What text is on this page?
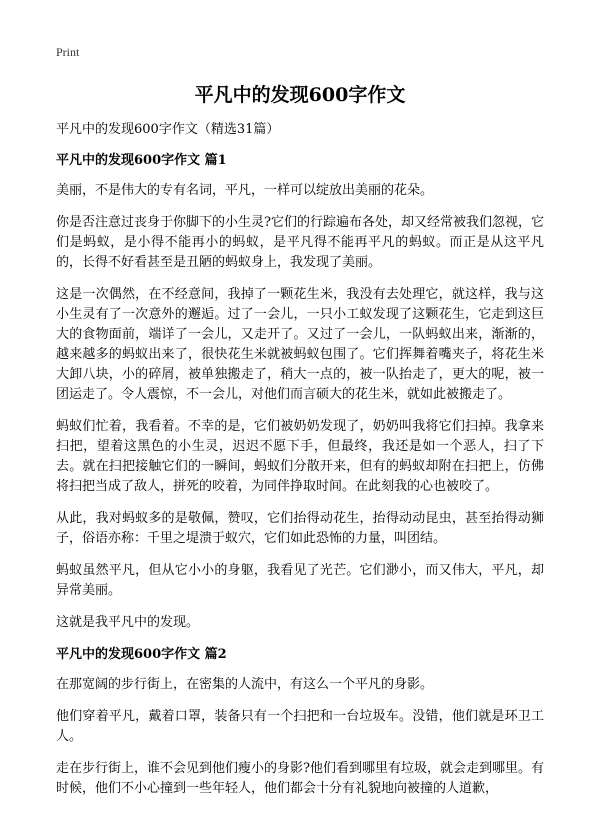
Print
平凡中的发现600字作文

平凡中的发现600字作文（精选31篇）

平凡中的发现600字作文 篇1

美丽，不是伟大的专有名词，平凡，一样可以绽放出美丽的花朵。

你是否注意过丧身于你脚下的小生灵?它们的行踪遍布各处，却又经常被我们忽视，它们是蚂蚁，是小得不能再小的蚂蚁，是平凡得不能再平凡的蚂蚁。而正是从这平凡的，长得不好看甚至是丑陋的蚂蚁身上，我发现了美丽。

这是一次偶然，在不经意间，我掉了一颗花生米，我没有去处理它，就这样，我与这小生灵有了一次意外的邂逅。过了一会儿，一只小工蚁发现了这颗花生，它走到这巨大的食物面前，端详了一会儿，又走开了。又过了一会儿，一队蚂蚁出来，渐渐的，越来越多的蚂蚁出来了，很快花生米就被蚂蚁包围了。它们挥舞着嘴夹子，将花生米大卸八块，小的碎屑，被单独搬走了，稍大一点的，被一队抬走了，更大的呢，被一团运走了。令人震惊，不一会儿，对他们而言硕大的花生米，就如此被搬走了。

蚂蚁们忙着，我看着。不幸的是，它们被奶奶发现了，奶奶叫我将它们扫掉。我拿来扫把，望着这黑色的小生灵，迟迟不愿下手，但最终，我还是如一个恶人，扫了下去。就在扫把接触它们的一瞬间，蚂蚁们分散开来，但有的蚂蚁却附在扫把上，仿佛将扫把当成了敌人，拼死的咬着，为同伴挣取时间。在此刻我的心也被咬了。

从此，我对蚂蚁多的是敬佩，赞叹，它们抬得动花生，抬得动动昆虫，甚至抬得动狮子，俗语亦称：千里之堤溃于蚁穴，它们如此恐怖的力量，叫团结。

蚂蚁虽然平凡，但从它小小的身躯，我看见了光芒。它们渺小，而又伟大，平凡，却异常美丽。

这就是我平凡中的发现。

平凡中的发现600字作文 篇2

在那宽阔的步行街上，在密集的人流中，有这么一个平凡的身影。

他们穿着平凡，戴着口罩，装备只有一个扫把和一台垃圾车。没错，他们就是环卫工人。

走在步行街上，谁不会见到他们瘦小的身影?他们看到哪里有垃圾，就会走到哪里。有时候，他们不小心撞到一些年轻人，他们都会十分有礼貌地向被撞的人道歉，
